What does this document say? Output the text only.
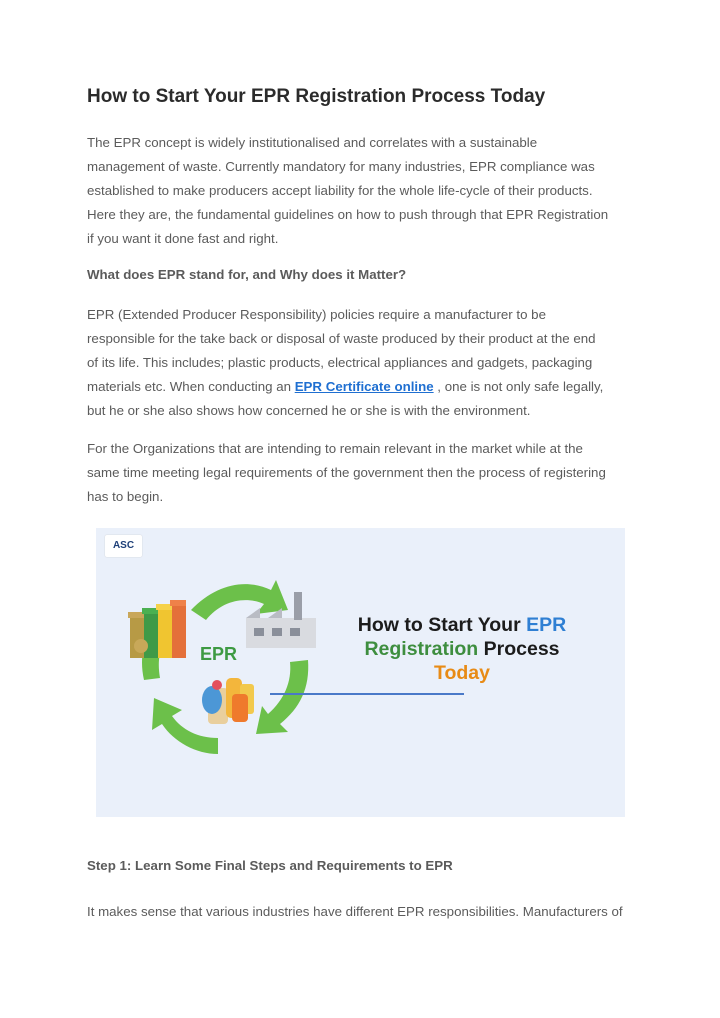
How to Start Your EPR Registration Process Today
The EPR concept is widely institutionalised and correlates with a sustainable
management of waste. Currently mandatory for many industries, EPR compliance was
established to make producers accept liability for the whole life-cycle of their products.
Here they are, the fundamental guidelines on how to push through that EPR Registration
if you want it done fast and right.
What does EPR stand for, and Why does it Matter?
EPR (Extended Producer Responsibility) policies require a manufacturer to be
responsible for the take back or disposal of waste produced by their product at the end
of its life. This includes; plastic products, electrical appliances and gadgets, packaging
materials etc. When conducting an EPR Certificate online , one is not only safe legally,
but he or she also shows how concerned he or she is with the environment.
For the Organizations that are intending to remain relevant in the market while at the
same time meeting legal requirements of the government then the process of registering
has to begin.
EPR
ASC
How to Start Your EPR
Registration Process
Today
Step 1: Learn Some Final Steps and Requirements to EPR
It makes sense that various industries have different EPR responsibilities. Manufacturers of
